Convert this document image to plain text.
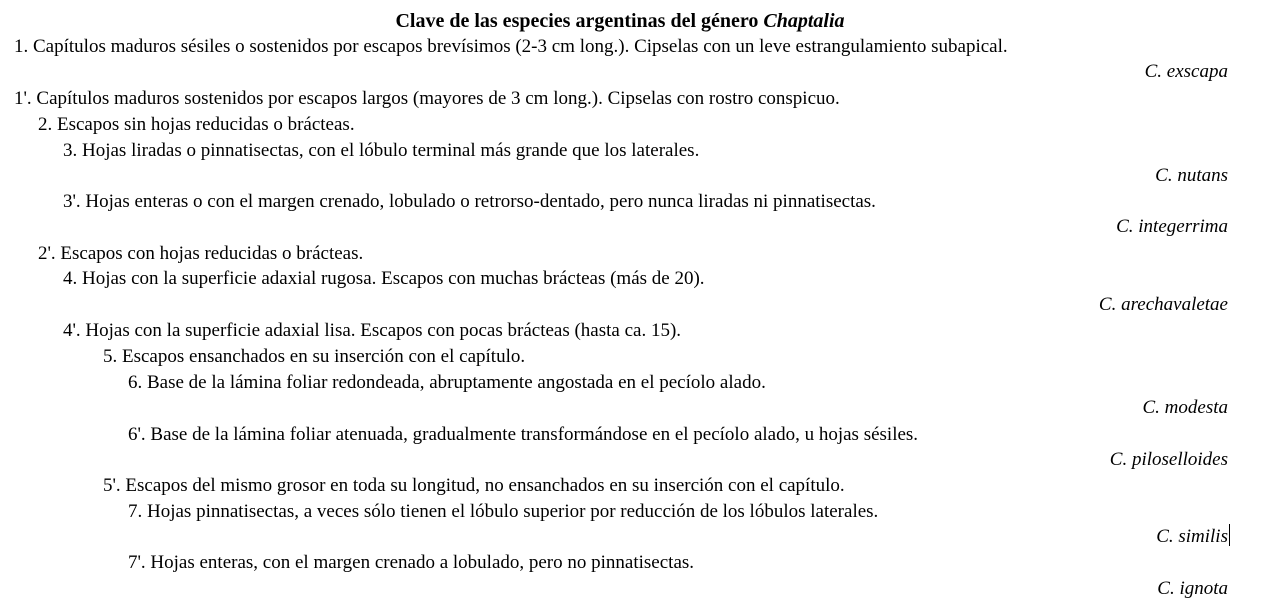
Clave de las especies argentinas del género Chaptalia
1. Capítulos maduros sésiles o sostenidos por escapos brevísimos (2-3 cm long.). Cipselas con un leve estrangulamiento subapical.
C. exscapa
1'. Capítulos maduros sostenidos por escapos largos (mayores de 3 cm long.). Cipselas con rostro conspicuo.
2. Escapos sin hojas reducidas o brácteas.
3. Hojas liradas o pinnatisectas, con el lóbulo terminal más grande que los laterales.
C. nutans
3'. Hojas enteras o con el margen crenado, lobulado o retrorso-dentado, pero nunca liradas ni pinnatisectas.
C. integerrima
2'. Escapos con hojas reducidas o brácteas.
4. Hojas con la superficie adaxial rugosa. Escapos con muchas brácteas (más de 20).
C. arechavaletae
4'. Hojas con la superficie adaxial lisa. Escapos con pocas brácteas (hasta ca. 15).
5. Escapos ensanchados en su inserción con el capítulo.
6. Base de la lámina foliar redondeada, abruptamente angostada en el pecíolo alado.
C. modesta
6'. Base de la lámina foliar atenuada, gradualmente transformándose en el pecíolo alado, u hojas sésiles.
C. piloselloides
5'. Escapos del mismo grosor en toda su longitud, no ensanchados en su inserción con el capítulo.
7. Hojas pinnatisectas, a veces sólo tienen el lóbulo superior por reducción de los lóbulos laterales.
C. similis
7'. Hojas enteras, con el margen crenado a lobulado, pero no pinnatisectas.
C. ignota
